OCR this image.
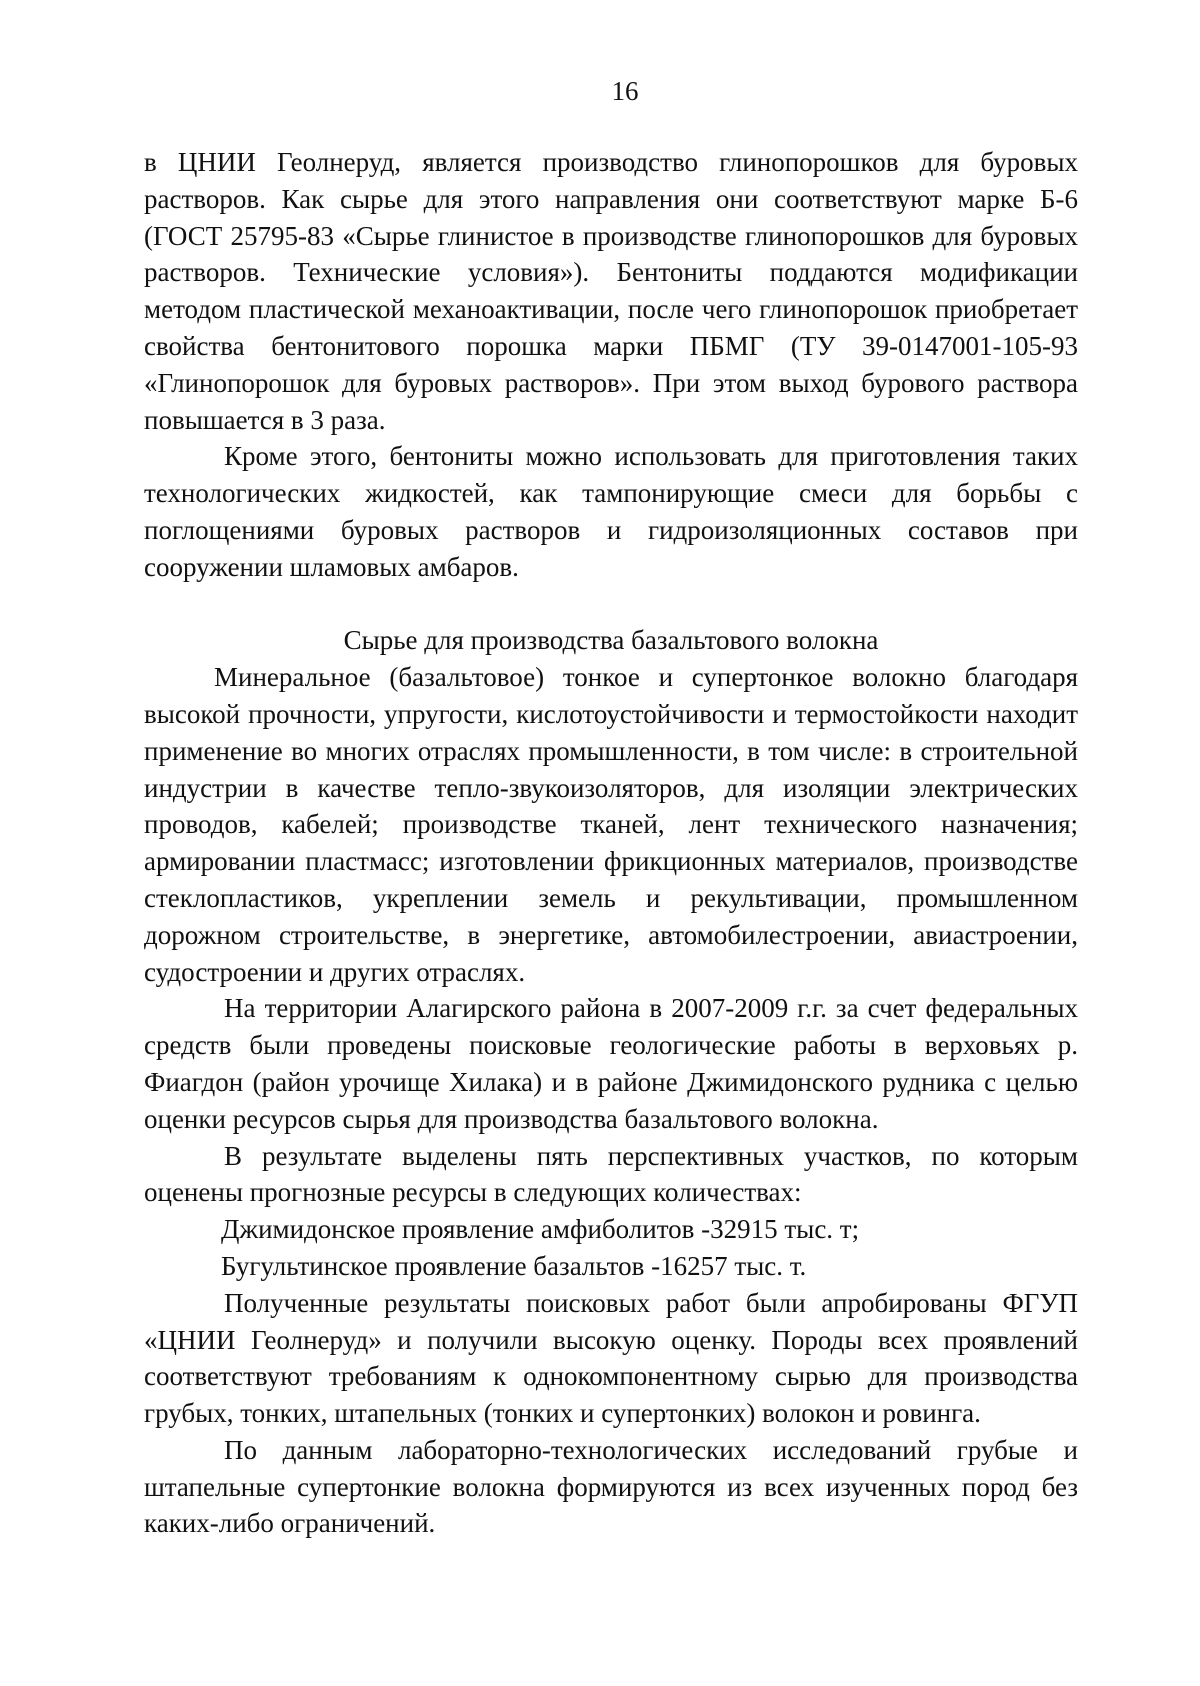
16

в ЦНИИ Геолнеруд, является производство глинопорошков для буровых растворов. Как сырье для этого направления они соответствуют марке Б-6 (ГОСТ 25795-83 «Сырье глинистое в производстве глинопорошков для буровых растворов. Технические условия»). Бентониты поддаются модификации методом пластической механоактивации, после чего глинопорошок приобретает свойства бентонитового порошка марки ПБМГ (ТУ 39-0147001-105-93 «Глинопорошок для буровых растворов». При этом выход бурового раствора повышается в 3 раза.

Кроме этого, бентониты можно использовать для приготовления таких технологических жидкостей, как тампонирующие смеси для борьбы с поглощениями буровых растворов и гидроизоляционных составов при сооружении шламовых амбаров.

Сырье для производства базальтового волокна

Минеральное (базальтовое) тонкое и супертонкое волокно благодаря высокой прочности, упругости, кислотоустойчивости и термостойкости находит применение во многих отраслях промышленности, в том числе: в строительной индустрии в качестве тепло-звукоизоляторов, для изоляции электрических проводов, кабелей; производстве тканей, лент технического назначения; армировании пластмасс; изготовлении фрикционных материалов, производстве стеклопластиков, укреплении земель и рекультивации, промышленном дорожном строительстве, в энергетике, автомобилестроении, авиастроении, судостроении и других отраслях.

На территории Алагирского района в 2007-2009 г.г. за счет федеральных средств были проведены поисковые геологические работы в верховьях р. Фиагдон (район урочище Хилака) и в районе Джимидонского рудника с целью оценки ресурсов сырья для производства базальтового волокна.

В результате выделены пять перспективных участков, по которым оценены прогнозные ресурсы в следующих количествах:

Джимидонское проявление амфиболитов -32915 тыс. т;

Бугультинское проявление базальтов -16257 тыс. т.

Полученные результаты поисковых работ были апробированы ФГУП «ЦНИИ Геолнеруд» и получили высокую оценку. Породы всех проявлений соответствуют требованиям к однокомпонентному сырью для производства грубых, тонких, штапельных (тонких и супертонких) волокон и ровинга.

По данным лабораторно-технологических исследований грубые и штапельные супертонкие волокна формируются из всех изученных пород без каких-либо ограничений.
